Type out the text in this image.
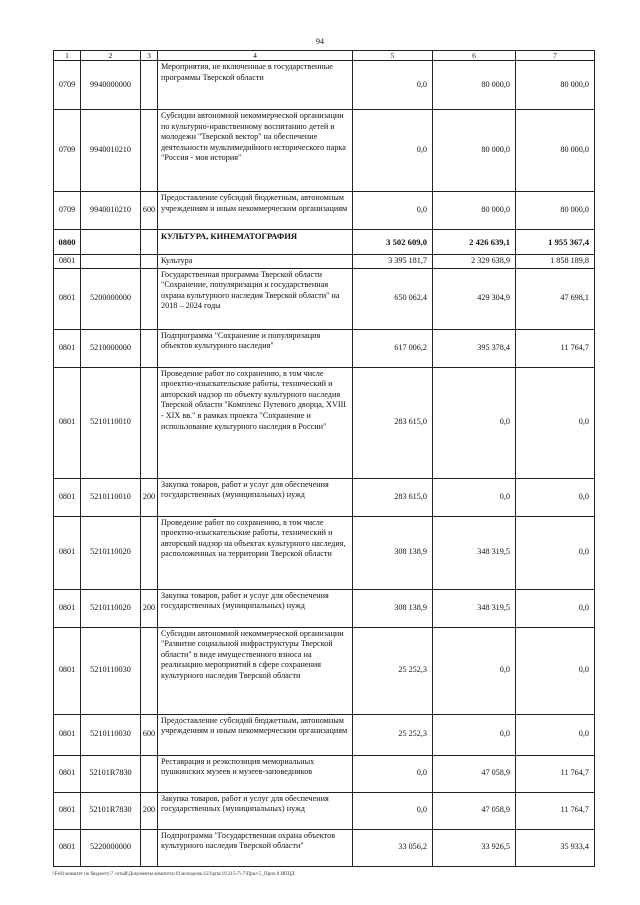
94
1	2	3	4	5	6	7
0709	9940000000		Мероприятия, не включенные в государственные программы Тверской области	0,0	80 000,0	80 000,0
0709	9940010210		Субсидии автономной некоммерческой организации по культурно-нравственному воспитанию детей и молодежи "Тверской вектор" на обеспечение деятельности мультимедийного исторического парка "Россия - моя история"	0,0	80 000,0	80 000,0
0709	9940010210	600	Предоставление субсидий бюджетным, автономным учреждениям и иным некоммерческим организациям	0,0	80 000,0	80 000,0
0800			КУЛЬТУРА, КИНЕМАТОГРАФИЯ	3 502 609,0	2 426 639,1	1 955 367,4
0801			Культура	3 395 181,7	2 329 638,9	1 858 189,8
0801	5200000000		Государственная программа Тверской области "Сохранение, популяризация и государственная охрана культурного наследия Тверской области" на 2018 – 2024 годы	650 062,4	429 304,9	47 698,1
0801	5210000000		Подпрограмма "Сохранение и популяризация объектов культурного наследия"	617 006,2	395 378,4	11 764,7
0801	5210110010		Проведение работ по сохранению, в том числе проектно-изыскательские работы, технический и авторский надзор по объекту культурного наследия Тверской области "Комплекс Путевого дворца, XVIII - XIX вв." в рамках проекта "Сохранение и использование культурного наследия в России"	283 615,0	0,0	0,0
0801	5210110010	200	Закупка товаров, работ и услуг для обеспечения государственных (муниципальных) нужд	283 615,0	0,0	0,0
0801	5210110020		Проведение работ по сохранению, в том числе проектно-изыскательские работы, технический и авторский надзор на объектах культурного наследия, расположенных на территории Тверской области	308 138,9	348 319,5	0,0
0801	5210110020	200	Закупка товаров, работ и услуг для обеспечения государственных (муниципальных) нужд	308 138,9	348 319,5	0,0
0801	5210110030		Субсидии автономной некоммерческой организации "Развитие социальной инфраструктуры Тверской области" в виде имущественного взноса на реализацию мероприятий в сфере сохранения культурного наследия Тверской области	25 252,3	0,0	0,0
0801	5210110030	600	Предоставление субсидий бюджетным, автономным учреждениям и иным некоммерческим организациям	25 252,3	0,0	0,0
0801	52101R7830		Реставрация и реэкспозиция мемориальных пушкинских музеев и музеев-заповедников	0,0	47 058,9	11 764,7
0801	52101R7830	200	Закупка товаров, работ и услуг для обеспечения государственных (муниципальных) нужд	0,0	47 058,9	11 764,7
0801	5220000000		Подпрограмма "Государственная охрана объектов культурного наследия Тверской области"	33 056,2	33 926,5	35 933,4
\\Fs01\комитет по бюджету\7 сотый\Документы комитета\19 молодежь\123\prta\19.315-7\-7\Прил 5_Прил 8 ИПЦД
